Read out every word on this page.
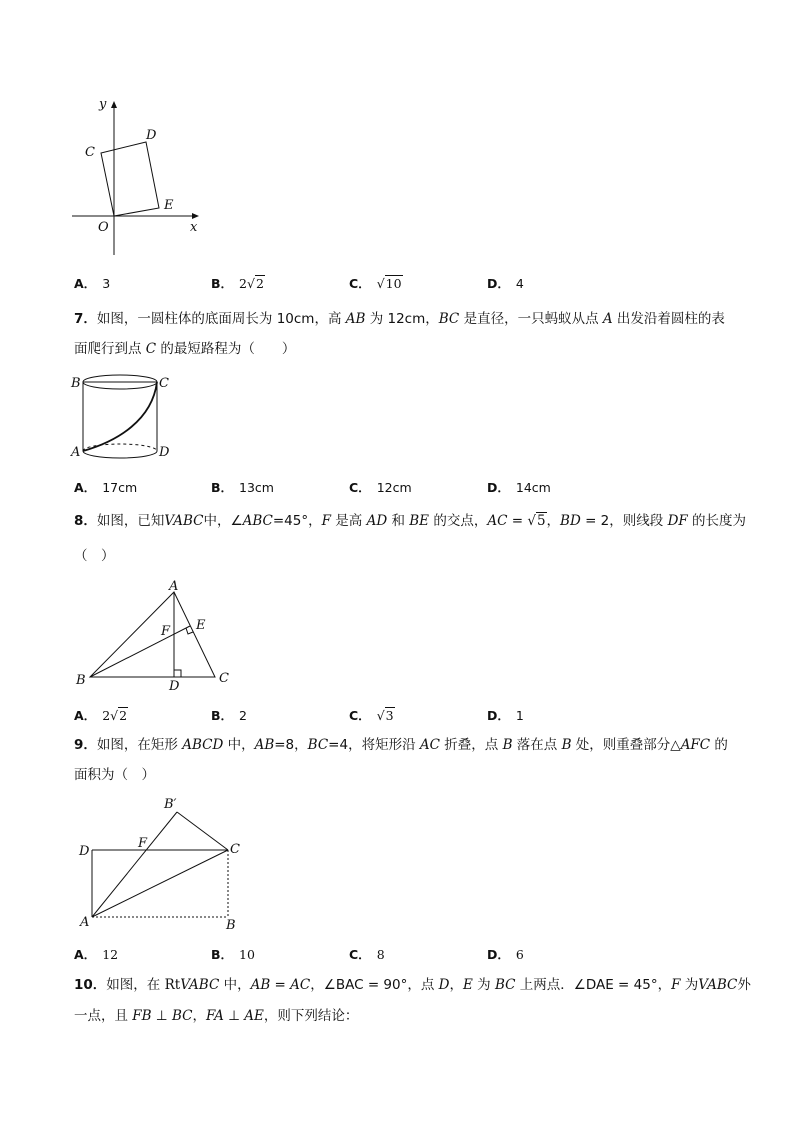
y
C
D
E
O	x
A． 3	B． 2√2	C． √10	D． 4
7．如图，一圆柱体的底面周长为 10cm，高 AB 为 12cm，BC 是直径，一只蚂蚁从点 A 出发沿着圆柱的表
面爬行到点 C 的最短路程为（　　）
B	C
A	D
A． 17cm	B． 13cm	C． 12cm	D． 14cm
8．如图，已知VABC中，∠ABC=45°，F 是高 AD 和 BE 的交点，AC = √5，BD = 2，则线段 DF 的长度为
（　）
A
F E
B	D
C
A． 2√2	B． 2	C． √3	D． 1
9．如图，在矩形 ABCD 中，AB=8，BC=4，将矩形沿 AC 折叠，点 B 落在点 B 处，则重叠部分△AFC 的
面积为（　）
B′
D
F	C
A	B
A． 12	B． 10	C． 8	D． 6
10．如图，在 RtVABC 中，AB = AC，∠BAC = 90°，点 D，E 为 BC 上两点．∠DAE = 45°，F 为VABC外
一点，且 FB ⊥ BC，FA ⊥ AE，则下列结论：
